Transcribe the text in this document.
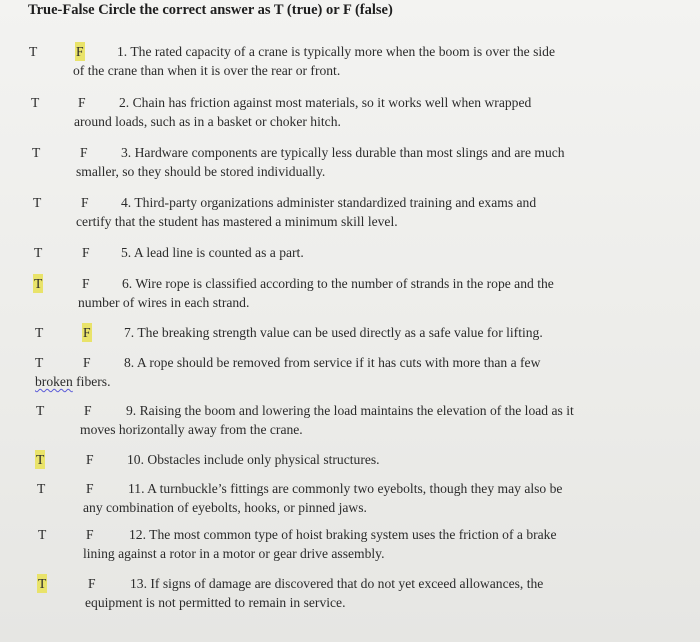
True-False Circle the correct answer as T (true) or F (false)
T	F 1. The rated capacity of a crane is typically more when the boom is over the side
of the crane than when it is over the rear or front.
T	F 2. Chain has friction against most materials, so it works well when wrapped
around loads, such as in a basket or choker hitch.
T	F 3. Hardware components are typically less durable than most slings and are much
smaller, so they should be stored individually.
T	F 4. Third-party organizations administer standardized training and exams and
certify that the student has mastered a minimum skill level.
T	F 5. A lead line is counted as a part.
T	F 6. Wire rope is classified according to the number of strands in the rope and the
number of wires in each strand.
T	F 7. The breaking strength value can be used directly as a safe value for lifting.
T	F 8. A rope should be removed from service if it has cuts with more than a few
broken fibers.
T	F	9. Raising the boom and lowering the load maintains the elevation of the load as it
moves horizontally away from the crane.
T	F 10. Obstacles include only physical structures.
T	F	11. A turnbuckle’s fittings are commonly two eyebolts, though they may also be
any combination of eyebolts, hooks, or pinned jaws.
T	F	12. The most common type of hoist braking system uses the friction of a brake
lining against a rotor in a motor or gear drive assembly.
T	F	13. If signs of damage are discovered that do not yet exceed allowances, the
equipment is not permitted to remain in service.
